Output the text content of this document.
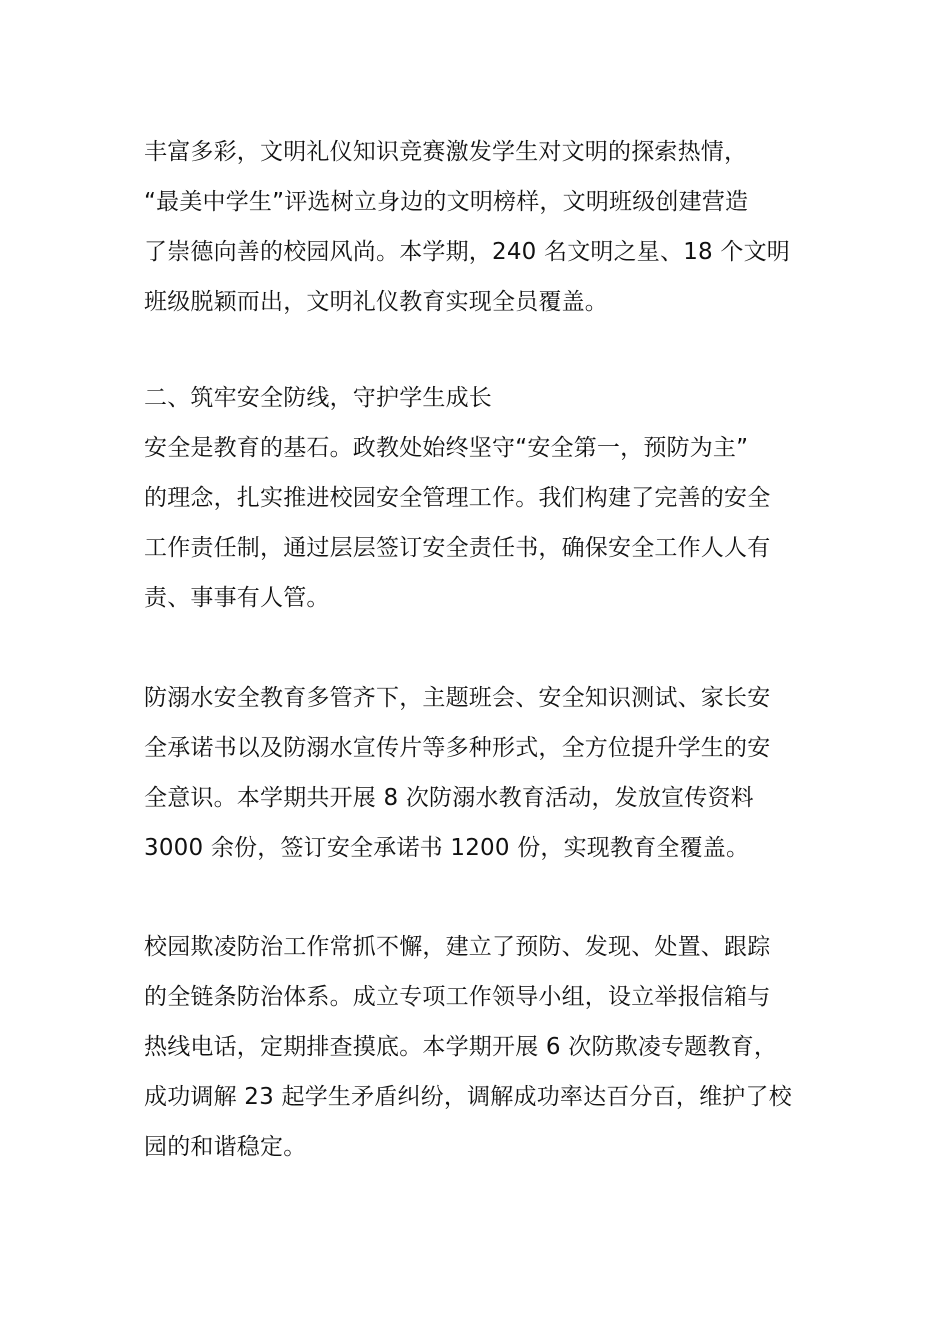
丰富多彩，文明礼仪知识竞赛激发学生对文明的探索热情，
“最美中学生”评选树立身边的文明榜样，文明班级创建营造
了崇德向善的校园风尚。本学期，240 名文明之星、18 个文明
班级脱颖而出，文明礼仪教育实现全员覆盖。
二、筑牢安全防线，守护学生成长
安全是教育的基石。政教处始终坚守“安全第一，预防为主”
的理念，扎实推进校园安全管理工作。我们构建了完善的安全
工作责任制，通过层层签订安全责任书，确保安全工作人人有
责、事事有人管。
防溺水安全教育多管齐下，主题班会、安全知识测试、家长安
全承诺书以及防溺水宣传片等多种形式，全方位提升学生的安
全意识。本学期共开展 8 次防溺水教育活动，发放宣传资料
3000 余份，签订安全承诺书 1200 份，实现教育全覆盖。
校园欺凌防治工作常抓不懈，建立了预防、发现、处置、跟踪
的全链条防治体系。成立专项工作领导小组，设立举报信箱与
热线电话，定期排查摸底。本学期开展 6 次防欺凌专题教育，
成功调解 23 起学生矛盾纠纷，调解成功率达百分百，维护了校
园的和谐稳定。
